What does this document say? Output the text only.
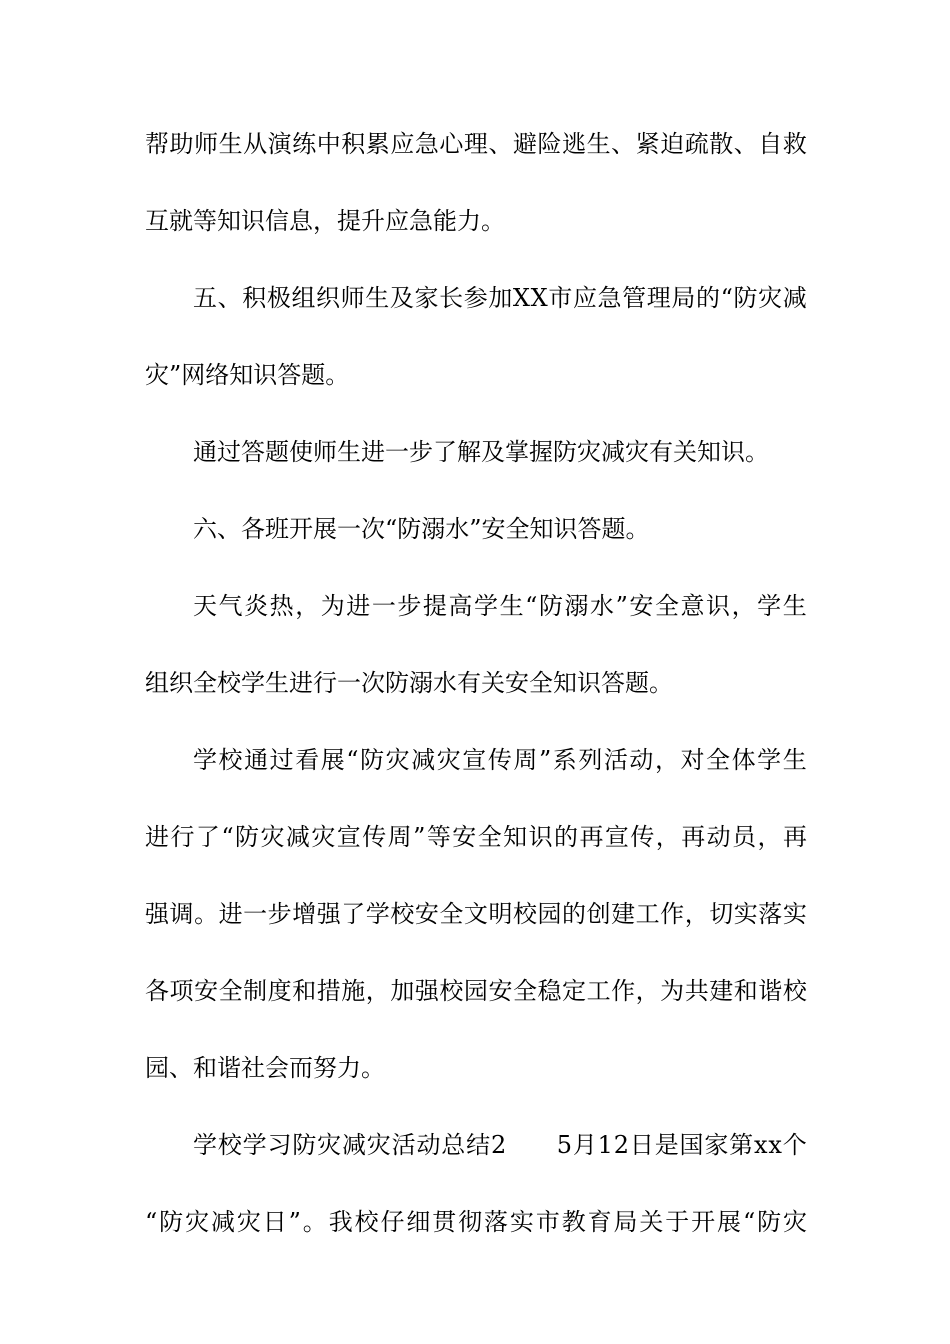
帮 助 师 生 从 演 练 中 积 累 应 急 心 理 、 避 险 逃 生 、 紧 迫 疏 散 、 自 救
互就等知识信息，提升应急能力。
五 、 积 极 组 织 师 生 及 家 长 参 加 X X 市 应 急 管 理 局 的 “ 防 灾 减
灾”网络知识答题。
通过答题使师生进一步了解及掌握防灾减灾有关知识。
六、各班开展一次“防溺水”安全知识答题。
天 气 炎 热 ， 为 进 一 步 提 高 学 生 “ 防 溺 水 ” 安 全 意 识 ， 学 生
组织全校学生进行一次防溺水有关安全知识答题。
学 校 通 过 看 展 “ 防 灾 减 灾 宣 传 周 ” 系 列 活 动 ， 对 全 体 学 生
进 行 了 “ 防 灾 减 灾 宣 传 周 ” 等 安 全 知 识 的 再 宣 传 ， 再 动 员 ， 再
强 调 。 进 一 步 增 强 了 学 校 安 全 文 明 校 园 的 创 建 工 作 ， 切 实 落 实
各 项 安 全 制 度 和 措 施 ， 加 强 校 园 安 全 稳 定 工 作 ， 为 共 建 和 谐 校
园、和谐社会而努力。
学 校 学 习 防 灾 减 灾 活 动 总 结 2

　 5 月 1 2 日 是 国 家 第 x x 个
“ 防 灾 减 灾 日 ” 。 我 校 仔 细 贯 彻 落 实 市 教 育 局 关 于 开 展 “ 防 灾
